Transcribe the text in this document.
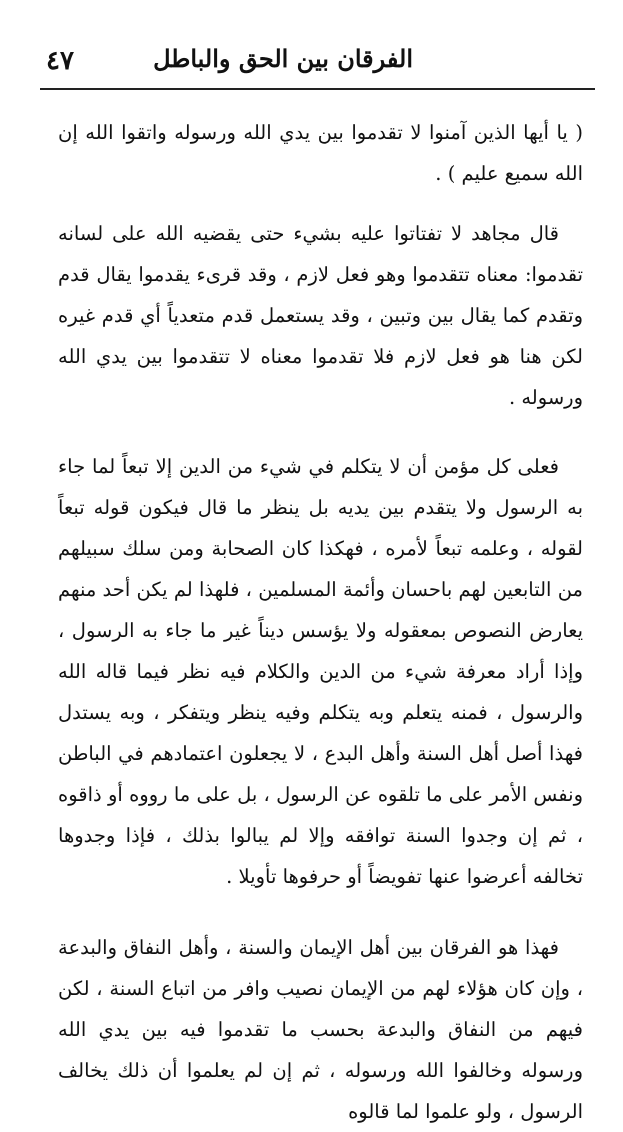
الفرقان بين الحق والباطل
٤٧

( يا أيها الذين آمنوا لا تقدموا بين يدي الله ورسوله واتقوا الله إن الله سميع عليم ) .

قال مجاهد لا تفتاتوا عليه بشيء حتى يقضيه الله على لسانه تقدموا: معناه تتقدموا وهو فعل لازم ، وقد قرىء يقدموا يقال قدم وتقدم كما يقال بين وتبين ، وقد يستعمل قدم متعدياً أي قدم غيره لكن هنا هو فعل لازم فلا تقدموا معناه لا تتقدموا بين يدي الله ورسوله .

فعلى كل مؤمن أن لا يتكلم في شيء من الدين إلا تبعاً لما جاء به الرسول ولا يتقدم بين يديه بل ينظر ما قال فيكون قوله تبعاً لقوله ، وعلمه تبعاً لأمره ، فهكذا كان الصحابة ومن سلك سبيلهم من التابعين لهم باحسان وأئمة المسلمين ، فلهذا لم يكن أحد منهم يعارض النصوص بمعقوله ولا يؤسس ديناً غير ما جاء به الرسول ، وإذا أراد معرفة شيء من الدين والكلام فيه نظر فيما قاله الله والرسول ، فمنه يتعلم وبه يتكلم وفيه ينظر ويتفكر ، وبه يستدل فهذا أصل أهل السنة وأهل البدع ، لا يجعلون اعتمادهم في الباطن ونفس الأمر على ما تلقوه عن الرسول ، بل على ما رووه أو ذاقوه ، ثم إن وجدوا السنة توافقه وإلا لم يبالوا بذلك ، فإذا وجدوها تخالفه أعرضوا عنها تفويضاً أو حرفوها تأويلا .

فهذا هو الفرقان بين أهل الإيمان والسنة ، وأهل النفاق والبدعة ، وإن كان هؤلاء لهم من الإيمان نصيب وافر من اتباع السنة ، لكن فيهم من النفاق والبدعة بحسب ما تقدموا فيه بين يدي الله ورسوله وخالفوا الله ورسوله ، ثم إن لم يعلموا أن ذلك يخالف الرسول ، ولو علموا لما قالوه
